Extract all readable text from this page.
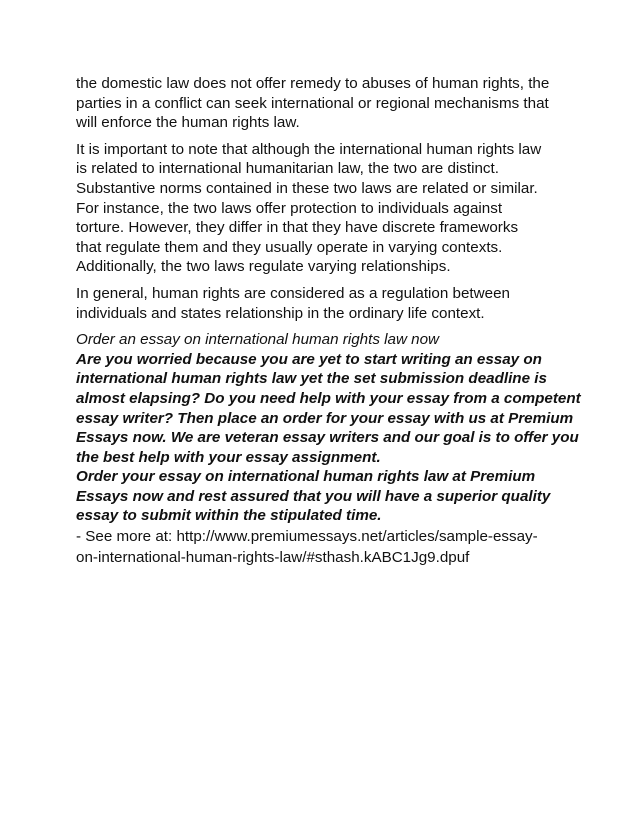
the domestic law does not offer remedy to abuses of human rights, the
parties in a conflict can seek international or regional mechanisms that
will enforce the human rights law.

It is important to note that although the international human rights law
is related to international humanitarian law, the two are distinct.
Substantive norms contained in these two laws are related or similar.
For instance, the two laws offer protection to individuals against
torture. However, they differ in that they have discrete frameworks
that regulate them and they usually operate in varying contexts.
Additionally, the two laws regulate varying relationships.

In general, human rights are considered as a regulation between
individuals and states relationship in the ordinary life context.

Order an essay on international human rights law now

Are you worried because you are yet to start writing an essay on
international human rights law yet the set submission deadline is
almost elapsing? Do you need help with your essay from a competent
essay writer? Then place an order for your essay with us at Premium
Essays now. We are veteran essay writers and our goal is to offer you
the best help with your essay assignment.

Order your essay on international human rights law at Premium
Essays now and rest assured that you will have a superior quality
essay to submit within the stipulated time.

- See more at: http://www.premiumessays.net/articles/sample-essay-
on-international-human-rights-law/#sthash.kABC1Jg9.dpuf
